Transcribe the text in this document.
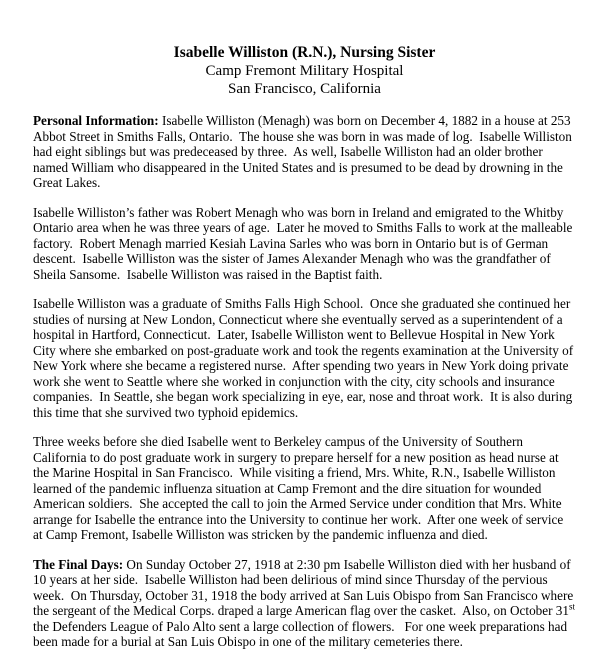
Isabelle Williston (R.N.), Nursing Sister
Camp Fremont Military Hospital
San Francisco, California

Personal Information: Isabelle Williston (Menagh) was born on December 4, 1882 in a house at 253 Abbot Street in Smiths Falls, Ontario.  The house she was born in was made of log.  Isabelle Williston had eight siblings but was predeceased by three.  As well, Isabelle Williston had an older brother named William who disappeared in the United States and is presumed to be dead by drowning in the Great Lakes.

Isabelle Williston’s father was Robert Menagh who was born in Ireland and emigrated to the Whitby Ontario area when he was three years of age.  Later he moved to Smiths Falls to work at the malleable factory.  Robert Menagh married Kesiah Lavina Sarles who was born in Ontario but is of German descent.  Isabelle Williston was the sister of James Alexander Menagh who was the grandfather of Sheila Sansome.  Isabelle Williston was raised in the Baptist faith.

Isabelle Williston was a graduate of Smiths Falls High School.  Once she graduated she continued her studies of nursing at New London, Connecticut where she eventually served as a superintendent of a hospital in Hartford, Connecticut.  Later, Isabelle Williston went to Bellevue Hospital in New York City where she embarked on post-graduate work and took the regents examination at the University of New York where she became a registered nurse.  After spending two years in New York doing private work she went to Seattle where she worked in conjunction with the city, city schools and insurance companies.  In Seattle, she began work specializing in eye, ear, nose and throat work.  It is also during this time that she survived two typhoid epidemics.

Three weeks before she died Isabelle went to Berkeley campus of the University of Southern California to do post graduate work in surgery to prepare herself for a new position as head nurse at the Marine Hospital in San Francisco.  While visiting a friend, Mrs. White, R.N., Isabelle Williston learned of the pandemic influenza situation at Camp Fremont and the dire situation for wounded American soldiers.  She accepted the call to join the Armed Service under condition that Mrs. White arrange for Isabelle the entrance into the University to continue her work.  After one week of service at Camp Fremont, Isabelle Williston was stricken by the pandemic influenza and died.

The Final Days: On Sunday October 27, 1918 at 2:30 pm Isabelle Williston died with her husband of 10 years at her side.  Isabelle Williston had been delirious of mind since Thursday of the pervious week.  On Thursday, October 31, 1918 the body arrived at San Luis Obispo from San Francisco where the sergeant of the Medical Corps. draped a large American flag over the casket.  Also, on October 31st the Defenders League of Palo Alto sent a large collection of flowers.   For one week preparations had been made for a burial at San Luis Obispo in one of the military cemeteries there.
